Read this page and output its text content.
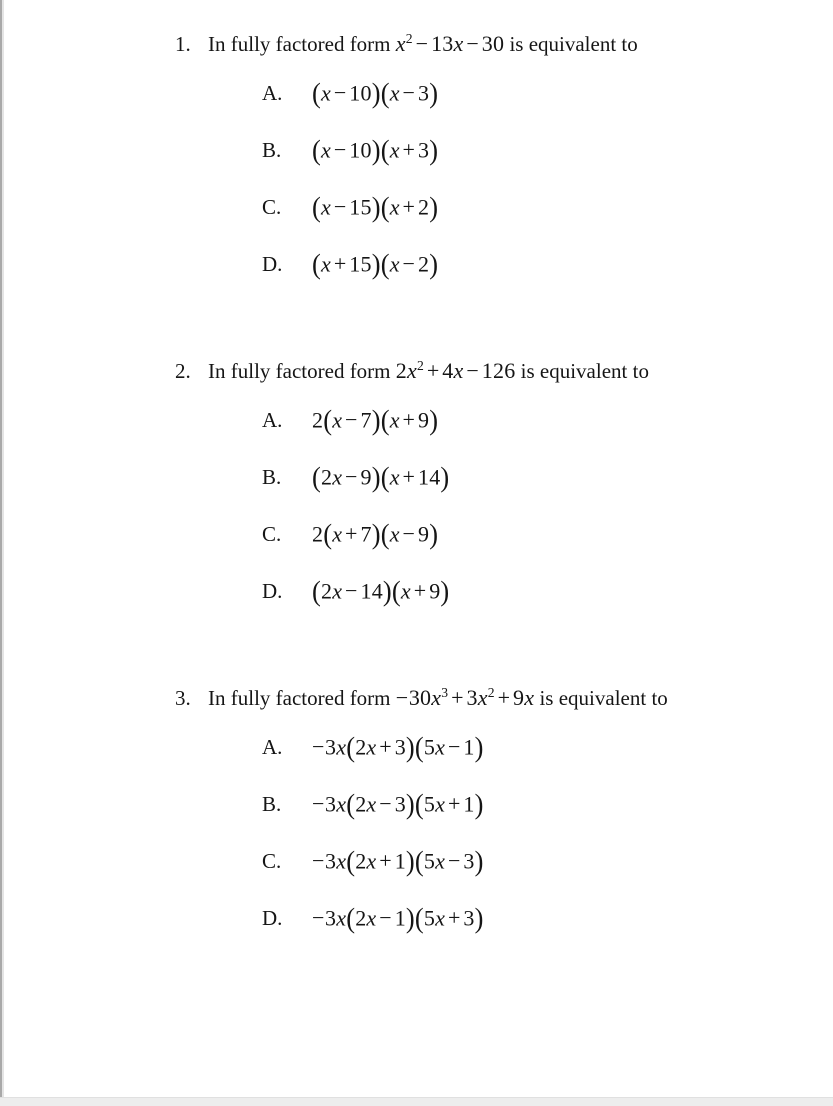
1. In fully factored form $x^2 - 13x - 30$ is equivalent to
A.	(x − 10)(x − 3)
B.	(x − 10)(x + 3)
C.	(x − 15)(x + 2)
D.	(x + 15)(x − 2)
2. In fully factored form $2x^2 + 4x - 126$ is equivalent to
A.	2(x − 7)(x + 9)
B.	(2x − 9)(x + 14)
C.	2(x + 7)(x − 9)
D.	(2x − 14)(x + 9)
3. In fully factored form $-30x^3 + 3x^2 + 9x$ is equivalent to
A.	−3x(2x + 3)(5x − 1)
B.	−3x(2x − 3)(5x + 1)
C.	−3x(2x + 1)(5x − 3)
D.	−3x(2x − 1)(5x + 3)
